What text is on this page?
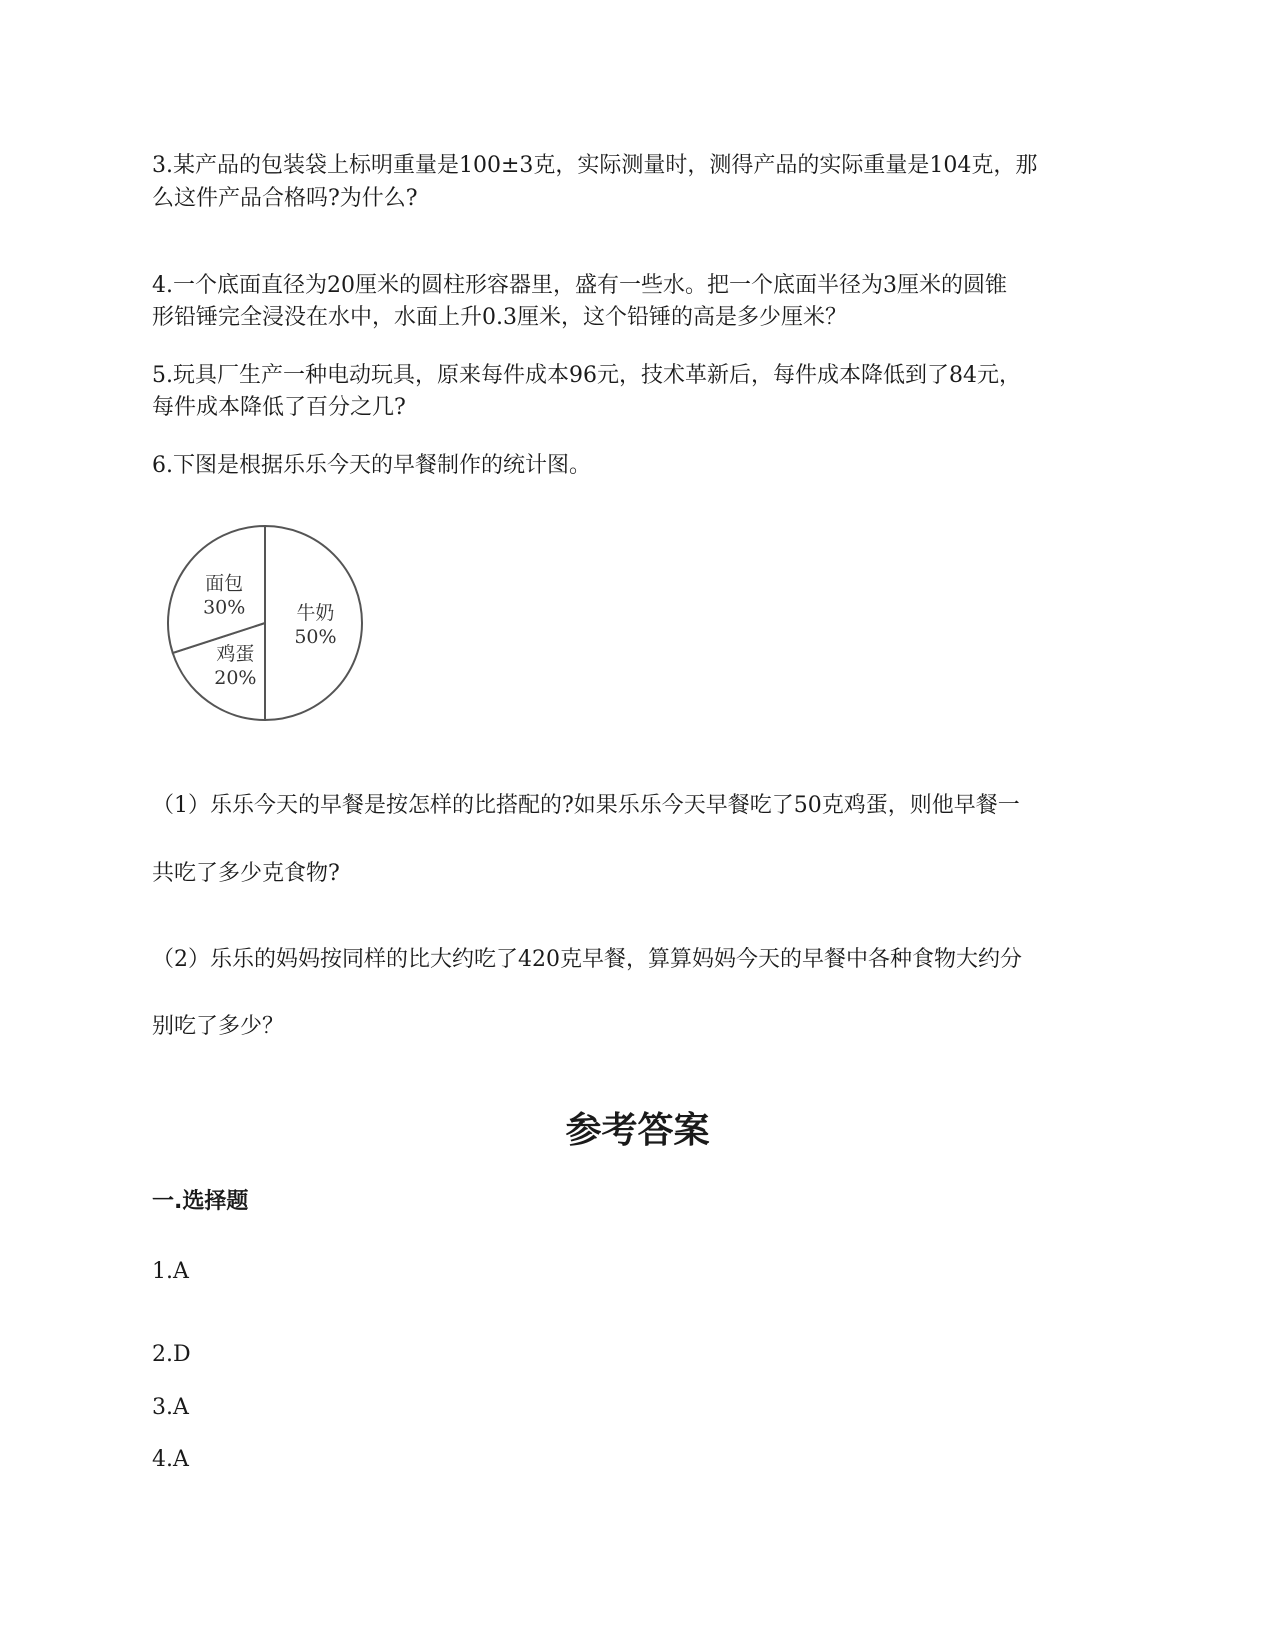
3.某产品的包装袋上标明重量是100±3克，实际测量时，测得产品的实际重量是104克，那
么这件产品合格吗?为什么?
4.一个底面直径为20厘米的圆柱形容器里，盛有一些水。把一个底面半径为3厘米的圆锥
形铅锤完全浸没在水中，水面上升0.3厘米，这个铅锤的高是多少厘米？
5.玩具厂生产一种电动玩具，原来每件成本96元，技术革新后，每件成本降低到了84元，
每件成本降低了百分之几?
6.下图是根据乐乐今天的早餐制作的统计图。
牛奶
50%
鸡蛋
20%
面包
30%
（1）乐乐今天的早餐是按怎样的比搭配的?如果乐乐今天早餐吃了50克鸡蛋，则他早餐一
共吃了多少克食物?
（2）乐乐的妈妈按同样的比大约吃了420克早餐，算算妈妈今天的早餐中各种食物大约分
别吃了多少？
参考答案
一.选择题
1.A
2.D
3.A
4.A
